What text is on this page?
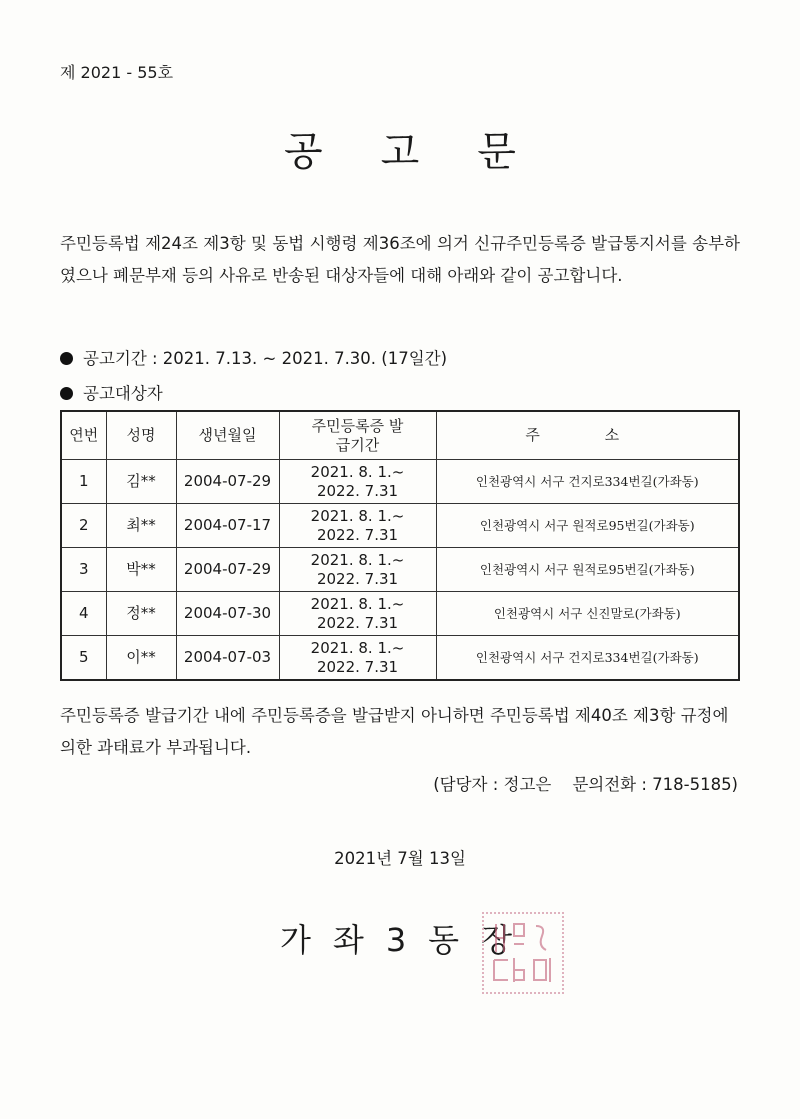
제 2021 - 55호
공고문
주민등록법 제24조 제3항 및 동법 시행령 제36조에 의거 신규주민등록증 발급통지서를 송부하였으나 폐문부재 등의 사유로 반송된 대상자들에 대해 아래와 같이 공고합니다.
공고기간 : 2021. 7.13. ~ 2021. 7.30. (17일간)
공고대상자
연번	성명	생년월일	주민등록증 발급기간	주 소
1	김**	2004-07-29	2021. 8. 1.~ 2022. 7.31	인천광역시 서구 건지로334번길(가좌동)
2	최**	2004-07-17	2021. 8. 1.~ 2022. 7.31	인천광역시 서구 원적로95번길(가좌동)
3	박**	2004-07-29	2021. 8. 1.~ 2022. 7.31	인천광역시 서구 원적로95번길(가좌동)
4	정**	2004-07-30	2021. 8. 1.~ 2022. 7.31	인천광역시 서구 신진말로(가좌동)
5	이**	2004-07-03	2021. 8. 1.~ 2022. 7.31	인천광역시 서구 건지로334번길(가좌동)
주민등록증 발급기간 내에 주민등록증을 발급받지 아니하면 주민등록법 제40조 제3항 규정에 의한 과태료가 부과됩니다.
(담당자 : 정고은    문의전화 : 718-5185)
2021년 7월 13일
가좌3동장
